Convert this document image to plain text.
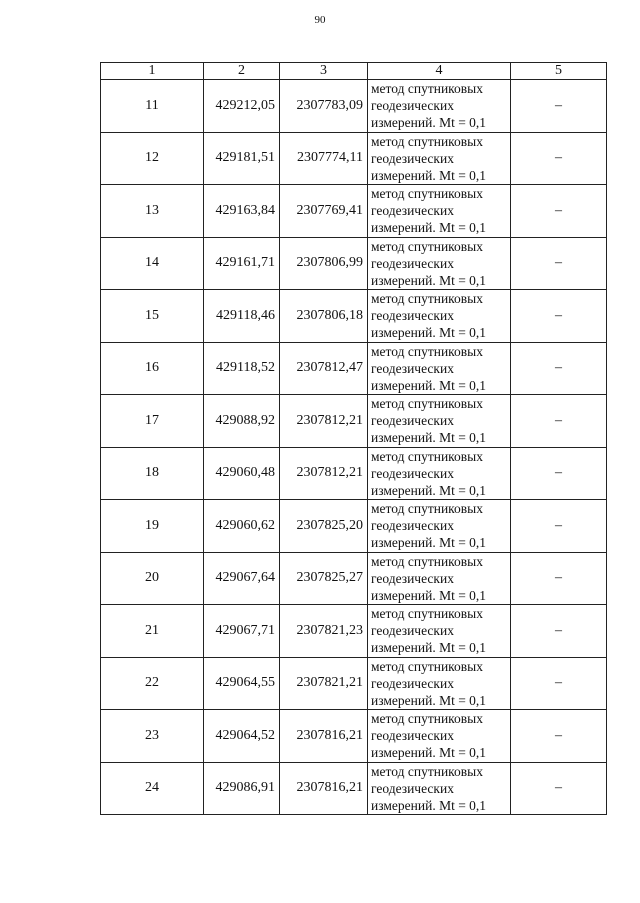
90
1	2	3	4	5
11	429212,05	2307783,09	метод спутниковых
геодезических
измерений. Mt = 0,1	–
12	429181,51	2307774,11	метод спутниковых
геодезических
измерений. Mt = 0,1	–
13	429163,84	2307769,41	метод спутниковых
геодезических
измерений. Mt = 0,1	–
14	429161,71	2307806,99	метод спутниковых
геодезических
измерений. Mt = 0,1	–
15	429118,46	2307806,18	метод спутниковых
геодезических
измерений. Mt = 0,1	–
16	429118,52	2307812,47	метод спутниковых
геодезических
измерений. Mt = 0,1	–
17	429088,92	2307812,21	метод спутниковых
геодезических
измерений. Mt = 0,1	–
18	429060,48	2307812,21	метод спутниковых
геодезических
измерений. Mt = 0,1	–
19	429060,62	2307825,20	метод спутниковых
геодезических
измерений. Mt = 0,1	–
20	429067,64	2307825,27	метод спутниковых
геодезических
измерений. Mt = 0,1	–
21	429067,71	2307821,23	метод спутниковых
геодезических
измерений. Mt = 0,1	–
22	429064,55	2307821,21	метод спутниковых
геодезических
измерений. Mt = 0,1	–
23	429064,52	2307816,21	метод спутниковых
геодезических
измерений. Mt = 0,1	–
24	429086,91	2307816,21	метод спутниковых
геодезических
измерений. Mt = 0,1	–
